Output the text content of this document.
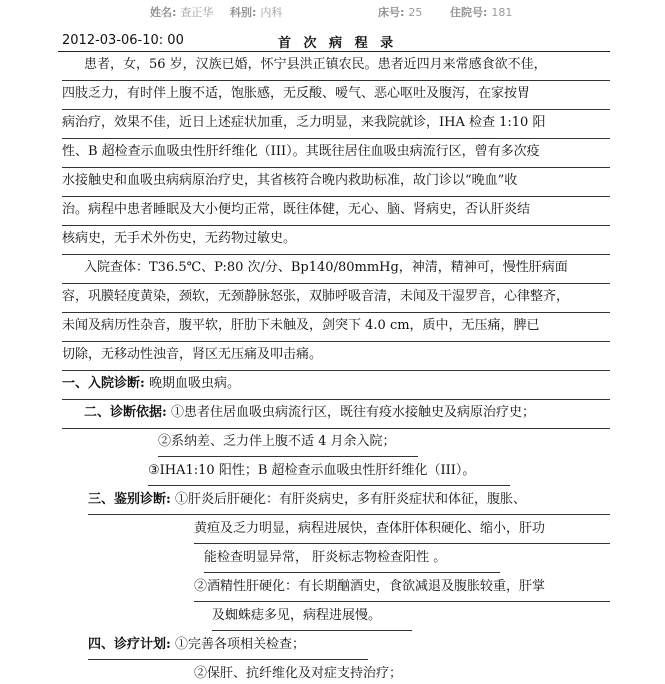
姓名: 查正华 科别: 内科	床号: 25	住院号: 181
2012-03-06-10: 00	首 次 病 程 录
患者，女，56 岁，汉族已婚，怀宁县洪正镇农民。患者近四月来常感食欲不佳，
四肢乏力，有时伴上腹不适，饱胀感，无反酸、嗳气、恶心呕吐及腹泻，在家按胃
病治疗，效果不佳，近日上述症状加重，乏力明显，来我院就诊，IHA 检查 1:10 阳
性、B 超检查示血吸虫性肝纤维化（III）。其既往居住血吸虫病流行区，曾有多次疫
水接触史和血吸虫病病原治疗史，其省核符合晚内救助标准，故门诊以“晚血”收
治。病程中患者睡眠及大小便均正常，既往体健，无心、脑、肾病史，否认肝炎结
核病史，无手术外伤史，无药物过敏史。
入院查体：T36.5℃、P:80 次/分、Bp140/80mmHg，神清，精神可，慢性肝病面
容，巩膜轻度黄染，颈软，无颈静脉怒张，双肺呼吸音清，未闻及干湿罗音，心律整齐，
未闻及病历性杂音，腹平软，肝肋下未触及，剑突下 4.0 cm，质中，无压痛，脾已
切除，无移动性浊音，肾区无压痛及叩击痛。
一、入院诊断: 晚期血吸虫病。
二、诊断依据: ①患者住居血吸虫病流行区，既往有疫水接触史及病原治疗史；
②系纳差、乏力伴上腹不适 4 月余入院；
③IHA1:10 阳性；B 超检查示血吸虫性肝纤维化（III）。
三、鉴别诊断: ①肝炎后肝硬化：有肝炎病史，多有肝炎症状和体征，腹胀、
黄疸及乏力明显，病程进展快，查体肝体积硬化、缩小，肝功
能检查明显异常， 肝炎标志物检查阳性 。
②酒精性肝硬化：有长期酗酒史，食欲减退及腹胀较重，肝掌
及蜘蛛痣多见，病程进展慢。
四、诊疗计划: ①完善各项相关检查；
②保肝、抗纤维化及对症支持治疗；
